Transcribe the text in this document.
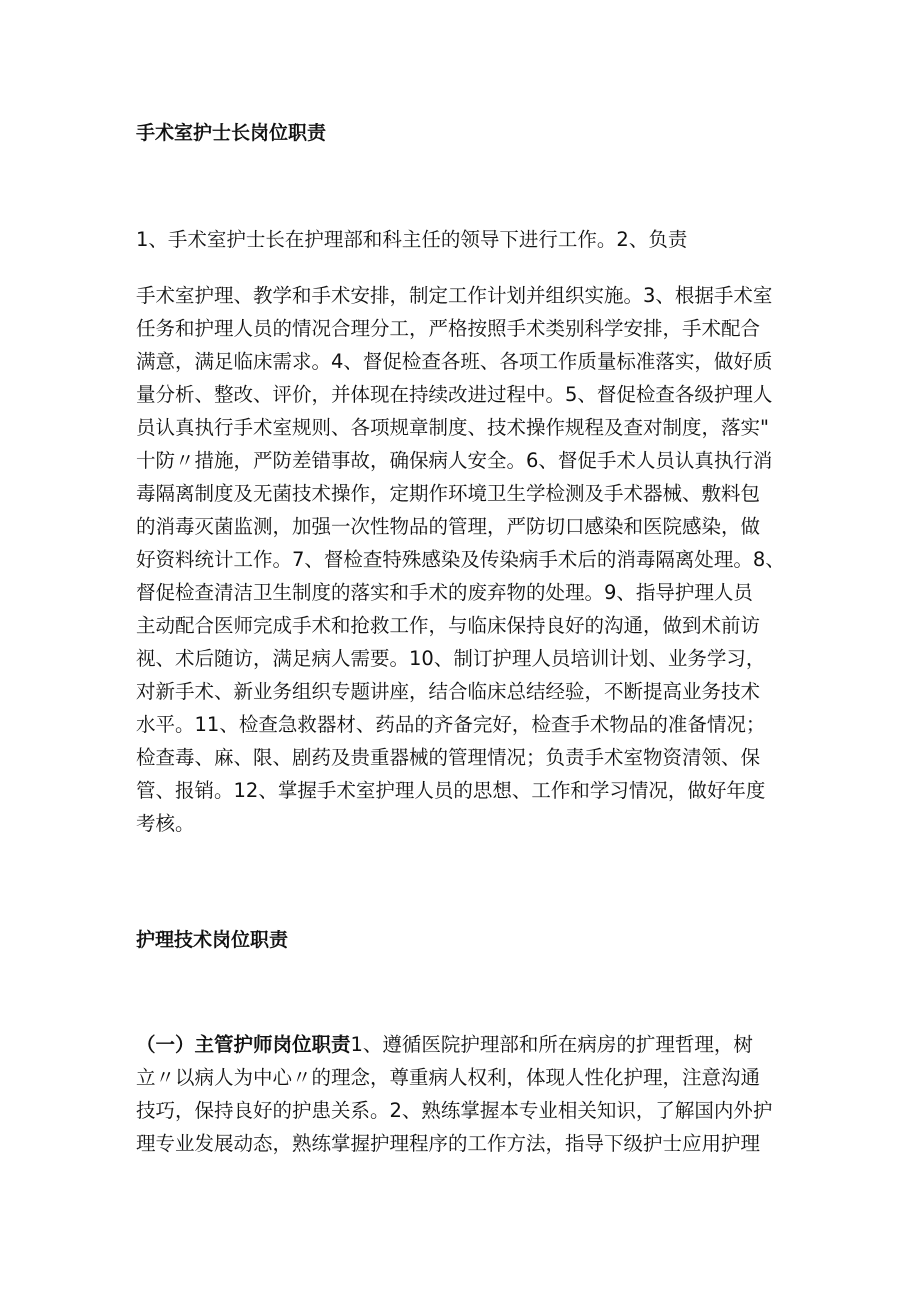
手术室护士长岗位职责

1、手术室护士长在护理部和科主任的领导下进行工作。2、负责

手术室护理、教学和手术安排，制定工作计划并组织实施。3、根据手术室

任务和护理人员的情况合理分工，严格按照手术类别科学安排，手术配合

满意，满足临床需求。4、督促检查各班、各项工作质量标准落实，做好质

量分析、整改、评价，并体现在持续改进过程中。5、督促检查各级护理人

员认真执行手术室规则、各项规章制度、技术操作规程及查对制度，落实"

十防〃措施，严防差错事故，确保病人安全。6、督促手术人员认真执行消

毒隔离制度及无菌技术操作，定期作环境卫生学检测及手术器械、敷料包

的消毒灭菌监测，加强一次性物品的管理，严防切口感染和医院感染，做

好资料统计工作。7、督检查特殊感染及传染病手术后的消毒隔离处理。8、

督促检查清洁卫生制度的落实和手术的废弃物的处理。9、指导护理人员

主动配合医师完成手术和抢救工作，与临床保持良好的沟通，做到术前访

视、术后随访，满足病人需要。10、制订护理人员培训计划、业务学习，

对新手术、新业务组织专题讲座，结合临床总结经验，不断提高业务技术

水平。11、检查急救器材、药品的齐备完好，检查手术物品的准备情况；

检查毒、麻、限、剧药及贵重器械的管理情况；负责手术室物资清领、保

管、报销。12、掌握手术室护理人员的思想、工作和学习情况，做好年度

考核。

护理技术岗位职责

（一）主管护师岗位职责1、遵循医院护理部和所在病房的扩理哲理，树

立〃以病人为中心〃的理念，尊重病人权利，体现人性化护理，注意沟通

技巧，保持良好的护患关系。2、熟练掌握本专业相关知识，了解国内外护

理专业发展动态，熟练掌握护理程序的工作方法，指导下级护士应用护理
